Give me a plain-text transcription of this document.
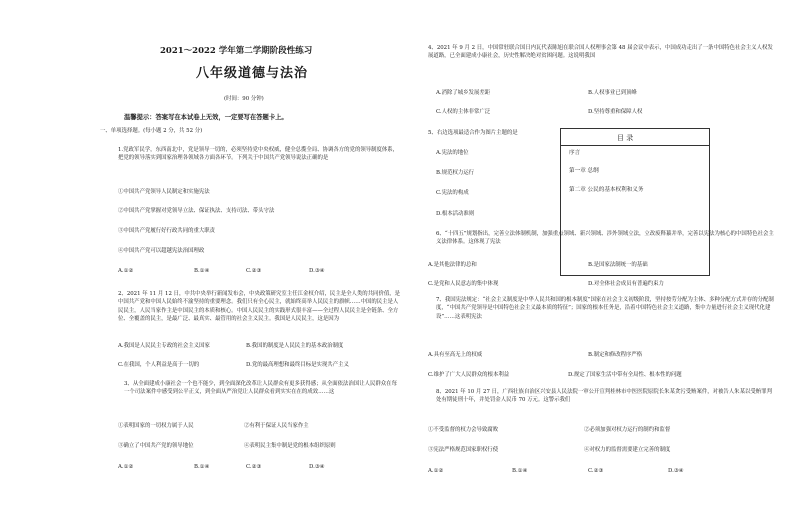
2021～2022 学年第二学期阶段性练习
八年级道德与法治
(时间：90 分钟)
温馨提示：答案写在本试卷上无效，一定要写在答题卡上。
一、单项选择题。(每小题 2 分，共 52 分)
1.党政军民学，东西南北中，党是领导一切的，必须坚持党中央权威，健全总揽全局、协调各方的党的领导制度体系，把党的领导落实到国家治理各领域各方面各环节。下列关于中国共产党领导说法正确的是
①中国共产党领导人民制定和实施宪法
②中国共产党掌握对党领导立法、保证执法、支持司法、带头守法
③中国共产党履行好行政共同的重大职责
④中国共产党可以超越宪法治国理政
A.①②	B.①④	C.②③	D.③④
2、2021 年 11 月 12 日，中共中央举行新闻发布会，中央政策研究室主任江金权介绍，民主是全人类的共同价值，是中国共产党和中国人民始终不渝坚持的重要理念。我们只有全心民主，就始终高举人民民主的旗帜……中国的民主是人民民主，人民当家作主是中国民主的本质和核心。中国人民民主的实践形式很丰富——全过程人民民主是全链条、全方位、全覆盖的民主，是最广泛、最真实、最管用的社会主义民主。我国是人民民主，这是因为
A.我国是人民民主专政的社会主义国家	B.我国的制度是人民民主的基本政治制度
C.在我国，个人利益是高于一切的	D.党的最高理想和最终目标是实现共产主义
3、从全面建成小康社会一个也不能少，到全面深化改革让人民群众有更多获得感；从全面依法治国让人民群众在每一个司法案件中感受到公平正义，到全面从严治党让人民群众看到实实在在的成效……这
①表明国家的一切权力属于人民	②有利于保证人民当家作主
③确立了中国共产党的领导地位	④表明民主集中制是党的根本组织原则
A.①②	B.①④	C.②③	D.③④
4、2021 年 9 月 2 日，中国常驻联合国日内瓦代表陈旭在联合国人权理事会第 48 届会议中表示，中国成功走出了一条中国特色社会主义人权发展道路，已全面建成小康社会，历史性解决绝对贫困问题。这说明我国
A.消除了城乡发展差距	B.人权事业已到顶峰
C.人权的主体非常广泛	D.坚持尊重和保障人权
5、右边选项最适合作为图片主题的是
A.宪法的地位
B.规范权力运行
C.宪法的构成
D.根本活动准则
目 录
序言
第一章 总纲
第二章 公民的基本权利和义务
6、“十四五”规划指出，完善立法体制机制，加强重点领域、新兴领域、涉外领域立法，立改废释纂并举，完善以宪法为核心的中国特色社会主义法律体系。这体现了宪法
A.是其他法律的总和	B.是国家法制统一的基础
C.是党和人民意志的集中体现	D.对全体社会成员有普遍约束力
7、我国宪法规定：“社会主义制度是中华人民共和国的根本制度”国家在社会主义初级阶段，坚持按劳分配为主体、多种分配方式并存的分配制度，“中国共产党领导是中国特色社会主义最本质的特征”；国家的根本任务是，沿着中国特色社会主义道路，集中力量进行社会主义现代化建设”……这表明宪法
A.具有至高无上的权威	B.制定和修改程序严格
C.维护了广大人民群众的根本利益	D.规定了国家生活中带有全局性、根本性的问题
8、2021 年 10 月 27 日，广西壮族自治区兴安县人民法院一审公开宣判桂林市中医医院原院长朱某贪污受贿案件，对被告人朱某以受贿罪判处有期徒刑十年，并处罚金人民币 70 万元。这警示我们
①不受监督的权力会导致腐败	②必须加强对权力运行的制约和监督
③宪法严格规范国家职权行使	④对权力的监督需要建立完善的制度
A.①②	B.①④	C.②③	D.③④
